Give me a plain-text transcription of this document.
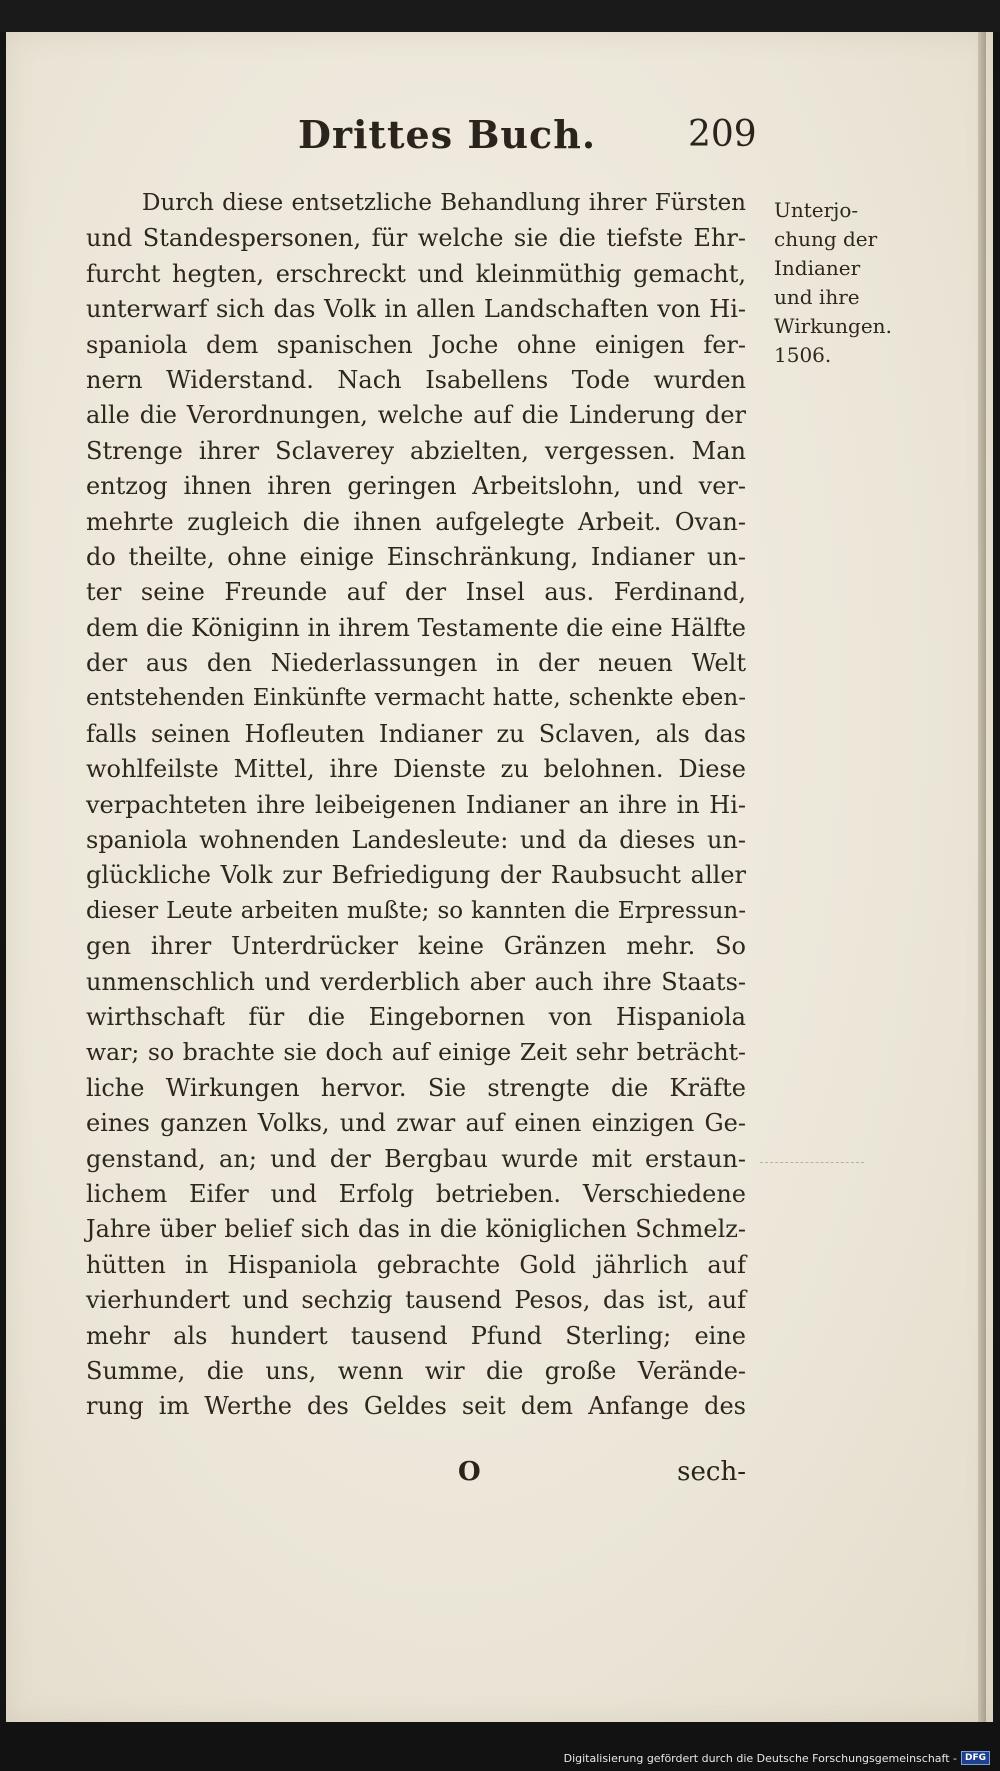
Drittes Buch.	209
Durch diese entsetzliche Behandlung ihrer Fürsten
und Standespersonen, für welche sie die tiefste Ehr-
furcht hegten, erschreckt und kleinmüthig gemacht,
unterwarf sich das Volk in allen Landschaften von Hi-
spaniola dem spanischen Joche ohne einigen fer-
nern Widerstand. Nach Isabellens Tode wurden
alle die Verordnungen, welche auf die Linderung der
Strenge ihrer Sclaverey abzielten, vergessen. Man
entzog ihnen ihren geringen Arbeitslohn, und ver-
mehrte zugleich die ihnen aufgelegte Arbeit. Ovan-
do theilte, ohne einige Einschränkung, Indianer un-
ter seine Freunde auf der Insel aus. Ferdinand,
dem die Königinn in ihrem Testamente die eine Hälfte
der aus den Niederlassungen in der neuen Welt
entstehenden Einkünfte vermacht hatte, schenkte eben-
falls seinen Hofleuten Indianer zu Sclaven, als das
wohlfeilste Mittel, ihre Dienste zu belohnen. Diese
verpachteten ihre leibeigenen Indianer an ihre in Hi-
spaniola wohnenden Landesleute: und da dieses un-
glückliche Volk zur Befriedigung der Raubsucht aller
dieser Leute arbeiten mußte; so kannten die Erpressun-
gen ihrer Unterdrücker keine Gränzen mehr. So
unmenschlich und verderblich aber auch ihre Staats-
wirthschaft für die Eingebornen von Hispaniola
war; so brachte sie doch auf einige Zeit sehr beträcht-
liche Wirkungen hervor. Sie strengte die Kräfte
eines ganzen Volks, und zwar auf einen einzigen Ge-
genstand, an; und der Bergbau wurde mit erstaun-
lichem Eifer und Erfolg betrieben. Verschiedene
Jahre über belief sich das in die königlichen Schmelz-
hütten in Hispaniola gebrachte Gold jährlich auf
vierhundert und sechzig tausend Pesos, das ist, auf
mehr als hundert tausend Pfund Sterling; eine
Summe, die uns, wenn wir die große Verände-
rung im Werthe des Geldes seit dem Anfange des
O	sech-
Unterjo-
chung der
Indianer
und ihre
Wirkungen.
1506.
Digitalisierung gefördert durch die Deutsche Forschungsgemeinschaft - DFG
